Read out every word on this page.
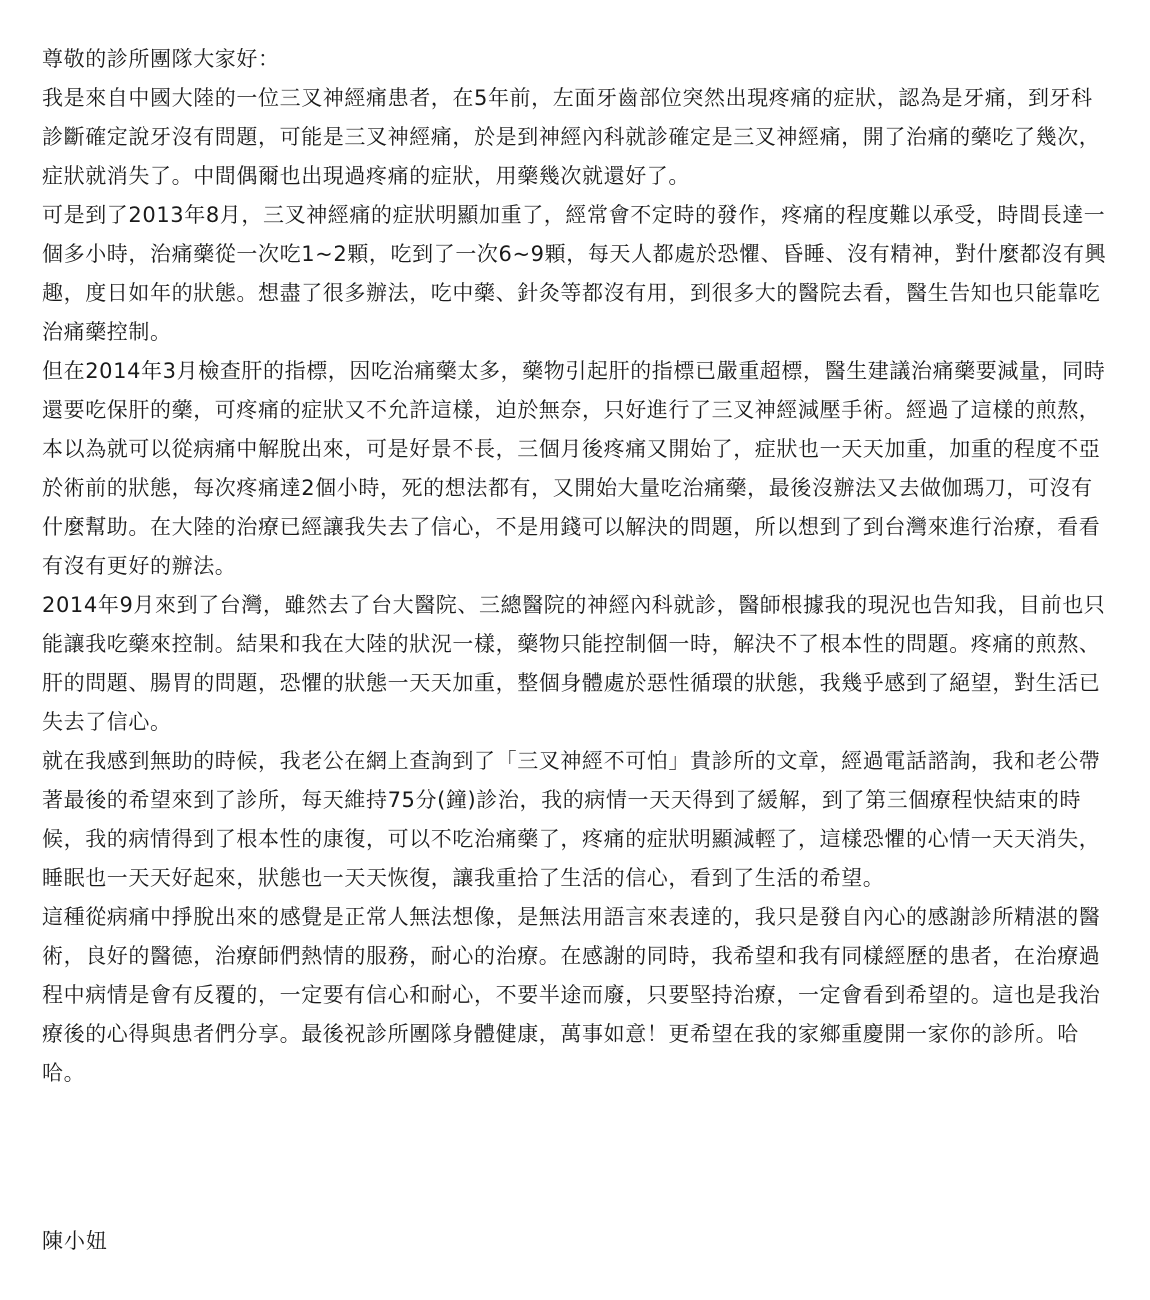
尊敬的診所團隊大家好：

我是來自中國大陸的一位三叉神經痛患者，在5年前，左面牙齒部位突然出現疼痛的症狀，認為是牙痛，到牙科診斷確定說牙沒有問題，可能是三叉神經痛，於是到神經內科就診確定是三叉神經痛，開了治痛的藥吃了幾次，症狀就消失了。中間偶爾也出現過疼痛的症狀，用藥幾次就還好了。

可是到了2013年8月，三叉神經痛的症狀明顯加重了，經常會不定時的發作，疼痛的程度難以承受，時間長達一個多小時，治痛藥從一次吃1~2顆，吃到了一次6~9顆，每天人都處於恐懼、昏睡、沒有精神，對什麼都沒有興趣，度日如年的狀態。想盡了很多辦法，吃中藥、針灸等都沒有用，到很多大的醫院去看，醫生告知也只能靠吃治痛藥控制。

但在2014年3月檢查肝的指標，因吃治痛藥太多，藥物引起肝的指標已嚴重超標，醫生建議治痛藥要減量，同時還要吃保肝的藥，可疼痛的症狀又不允許這樣，迫於無奈，只好進行了三叉神經減壓手術。經過了這樣的煎熬，本以為就可以從病痛中解脫出來，可是好景不長，三個月後疼痛又開始了，症狀也一天天加重，加重的程度不亞於術前的狀態，每次疼痛達2個小時，死的想法都有，又開始大量吃治痛藥，最後沒辦法又去做伽瑪刀，可沒有什麼幫助。在大陸的治療已經讓我失去了信心，不是用錢可以解決的問題，所以想到了到台灣來進行治療，看看有沒有更好的辦法。

2014年9月來到了台灣，雖然去了台大醫院、三總醫院的神經內科就診，醫師根據我的現況也告知我，目前也只能讓我吃藥來控制。結果和我在大陸的狀況一樣，藥物只能控制個一時，解決不了根本性的問題。疼痛的煎熬、肝的問題、腸胃的問題，恐懼的狀態一天天加重，整個身體處於惡性循環的狀態，我幾乎感到了絕望，對生活已失去了信心。

就在我感到無助的時候，我老公在網上查詢到了「三叉神經不可怕」貴診所的文章，經過電話諮詢，我和老公帶著最後的希望來到了診所，每天維持75分(鐘)診治，我的病情一天天得到了緩解，到了第三個療程快結束的時候，我的病情得到了根本性的康復，可以不吃治痛藥了，疼痛的症狀明顯減輕了，這樣恐懼的心情一天天消失，睡眠也一天天好起來，狀態也一天天恢復，讓我重拾了生活的信心，看到了生活的希望。

這種從病痛中掙脫出來的感覺是正常人無法想像，是無法用語言來表達的，我只是發自內心的感謝診所精湛的醫術，良好的醫德，治療師們熱情的服務，耐心的治療。在感謝的同時，我希望和我有同樣經歷的患者，在治療過程中病情是會有反覆的，一定要有信心和耐心，不要半途而廢，只要堅持治療，一定會看到希望的。這也是我治療後的心得與患者們分享。最後祝診所團隊身體健康，萬事如意！更希望在我的家鄉重慶開一家你的診所。哈哈。

陳小妞
